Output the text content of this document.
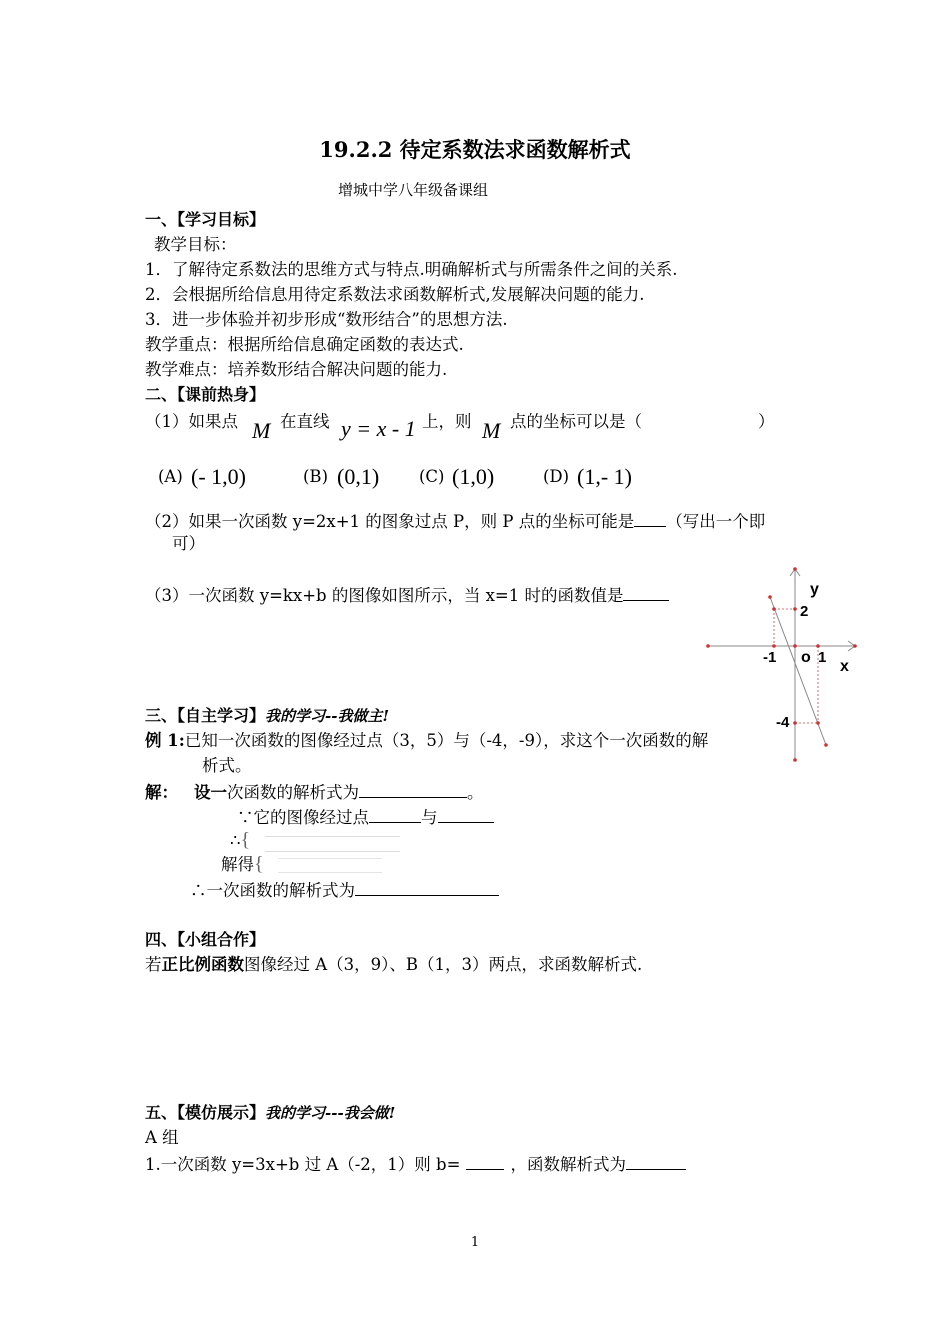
19.2.2 待定系数法求函数解析式
增城中学八年级备课组
一、【学习目标】
教学目标：
1．了解待定系数法的思维方式与特点.明确解析式与所需条件之间的关系.
2．会根据所给信息用待定系数法求函数解析式,发展解决问题的能力.
3．进一步体验并初步形成“数形结合”的思想方法.
教学重点：根据所给信息确定函数的表达式.
教学难点：培养数形结合解决问题的能力.
二、【课前热身】
（1）如果点 M 在直线 y = x - 1 上，则 M 点的坐标可以是（	）
(A) (- 1,0)	(B) (0,1) (C) (1,0)	(D) (1,- 1)
（2）如果一次函数 y=2x+1 的图象过点 P，则 P 点的坐标可能是 （写出一个即
可）
（3）一次函数 y=kx+b 的图像如图所示，当 x=1 时的函数值是	y
x
o
2
-1	1
-4
三、【自主学习】我的学习--我做主!
例 1:已知一次函数的图像经过点（3，5）与（-4，-9），求这个一次函数的解
析式。
解： 设一次函数的解析式为	。
∵它的图像经过点	与
∴{
解得{
∴一次函数的解析式为
四、【小组合作】
若正比例函数图像经过 A（3，9）、B（1，3）两点，求函数解析式.
五、【模仿展示】我的学习---我会做!
A 组
1.一次函数 y=3x+b 过 A（-2，1）则 b=	，函数解析式为
1
